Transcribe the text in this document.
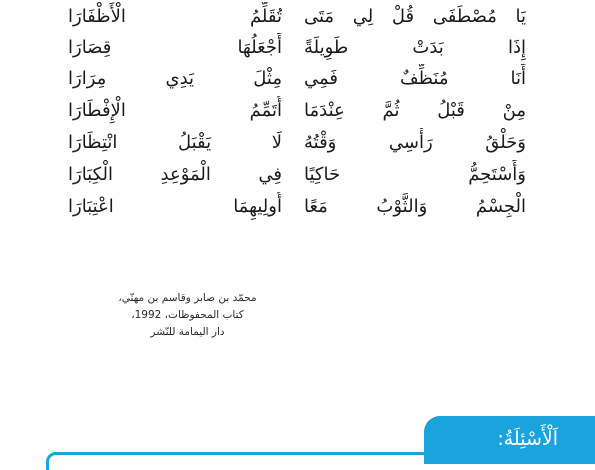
يَا مُصْطَفَى قُلْ لِي مَتَى
تُقَلِّمُ الْأَظْفَارَا
إِذَا بَدَتْ طَوِيلَةً
أَجْعَلُهَا قِصَارَا
أَنَا مُنَظِّفٌ فَمِي
مِثْلَ يَدِي مِرَارَا
مِنْ قَبْلُ ثُمَّ عِنْدَمَا
أُتَمِّمُ الْإِفْطَارَا
وَحَلْقُ رَأْسِي وَقْتُهُ
لَا يَقْبَلُ انْتِظَارَا
وَأَسْتَحِمُّ حَاكِيًا
فِي الْمَوْعِدِ الْكِبَارَا
الْجِسْمُ وَالثَّوْبُ مَعًا
أُولِيهِمَا اعْتِبَارَا
محمّد بن صابر وقاسم بن مهنّي،
كتاب المحفوظات، 1992،
دار اليمامة للنّشر
اَلْأَسْئِلَةُ:
